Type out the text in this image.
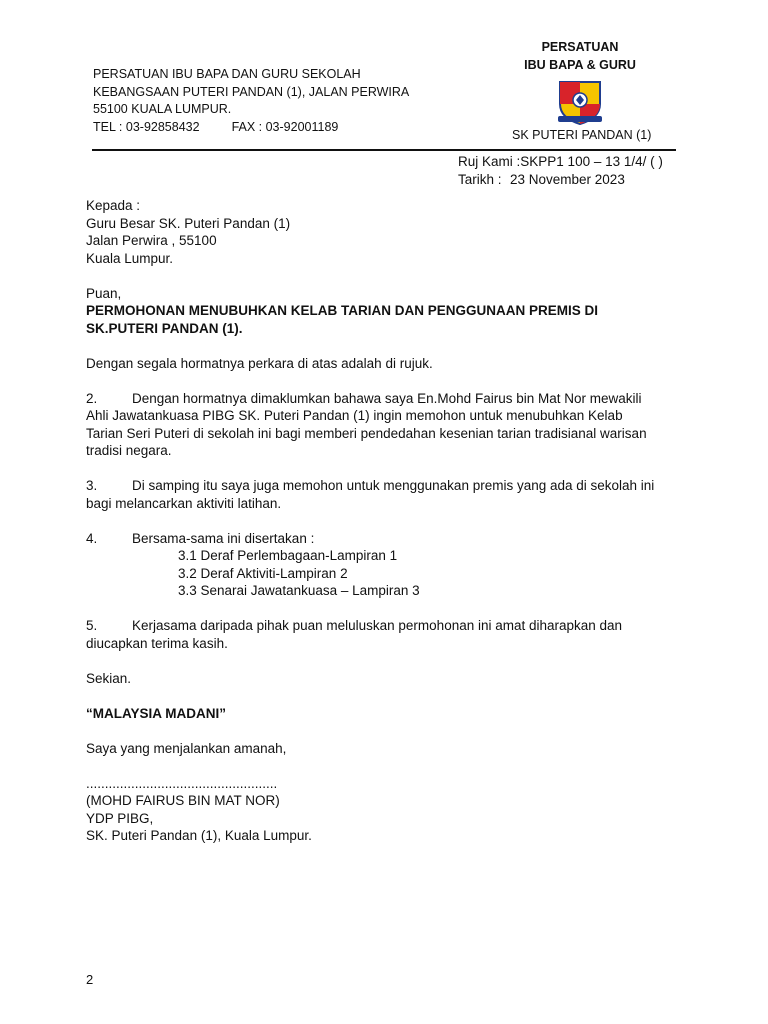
PERSATUAN IBU BAPA DAN GURU SEKOLAH
KEBANGSAAN PUTERI PANDAN (1), JALAN PERWIRA
55100 KUALA LUMPUR.
TEL : 03-92858432	FAX : 03-92001189
PERSATUAN
IBU BAPA & GURU
SK PUTERI PANDAN (1)
Ruj Kami :SKPP1 100 – 13 1/4/ ( )
Tarikh : 23 November 2023

Kepada :

Guru Besar SK. Puteri Pandan (1)

Jalan Perwira , 55100

Kuala Lumpur.

Puan,

PERMOHONAN MENUBUHKAN KELAB TARIAN DAN PENGGUNAAN PREMIS DI SK.PUTERI PANDAN (1).

Dengan segala hormatnya perkara di atas adalah di rujuk.

2.	Dengan hormatnya dimaklumkan bahawa saya En.Mohd Fairus bin Mat Nor mewakili

Ahli Jawatankuasa PIBG SK. Puteri Pandan (1) ingin memohon untuk menubuhkan Kelab

Tarian Seri Puteri di sekolah ini bagi memberi pendedahan kesenian tarian tradisianal warisan

tradisi negara.

3.	Di samping itu saya juga memohon untuk menggunakan premis yang ada di sekolah ini

bagi melancarkan aktiviti latihan.

4.	Bersama-sama ini disertakan :

3.1 Deraf Perlembagaan-Lampiran 1

3.2 Deraf Aktiviti-Lampiran 2

3.3 Senarai Jawatankuasa – Lampiran 3

5.	Kerjasama daripada pihak puan meluluskan permohonan ini amat diharapkan dan

diucapkan terima kasih.

Sekian.

“MALAYSIA MADANI”

Saya yang menjalankan amanah,

...................................................

(MOHD FAIRUS BIN MAT NOR)

YDP PIBG,

SK. Puteri Pandan (1), Kuala Lumpur.

2
